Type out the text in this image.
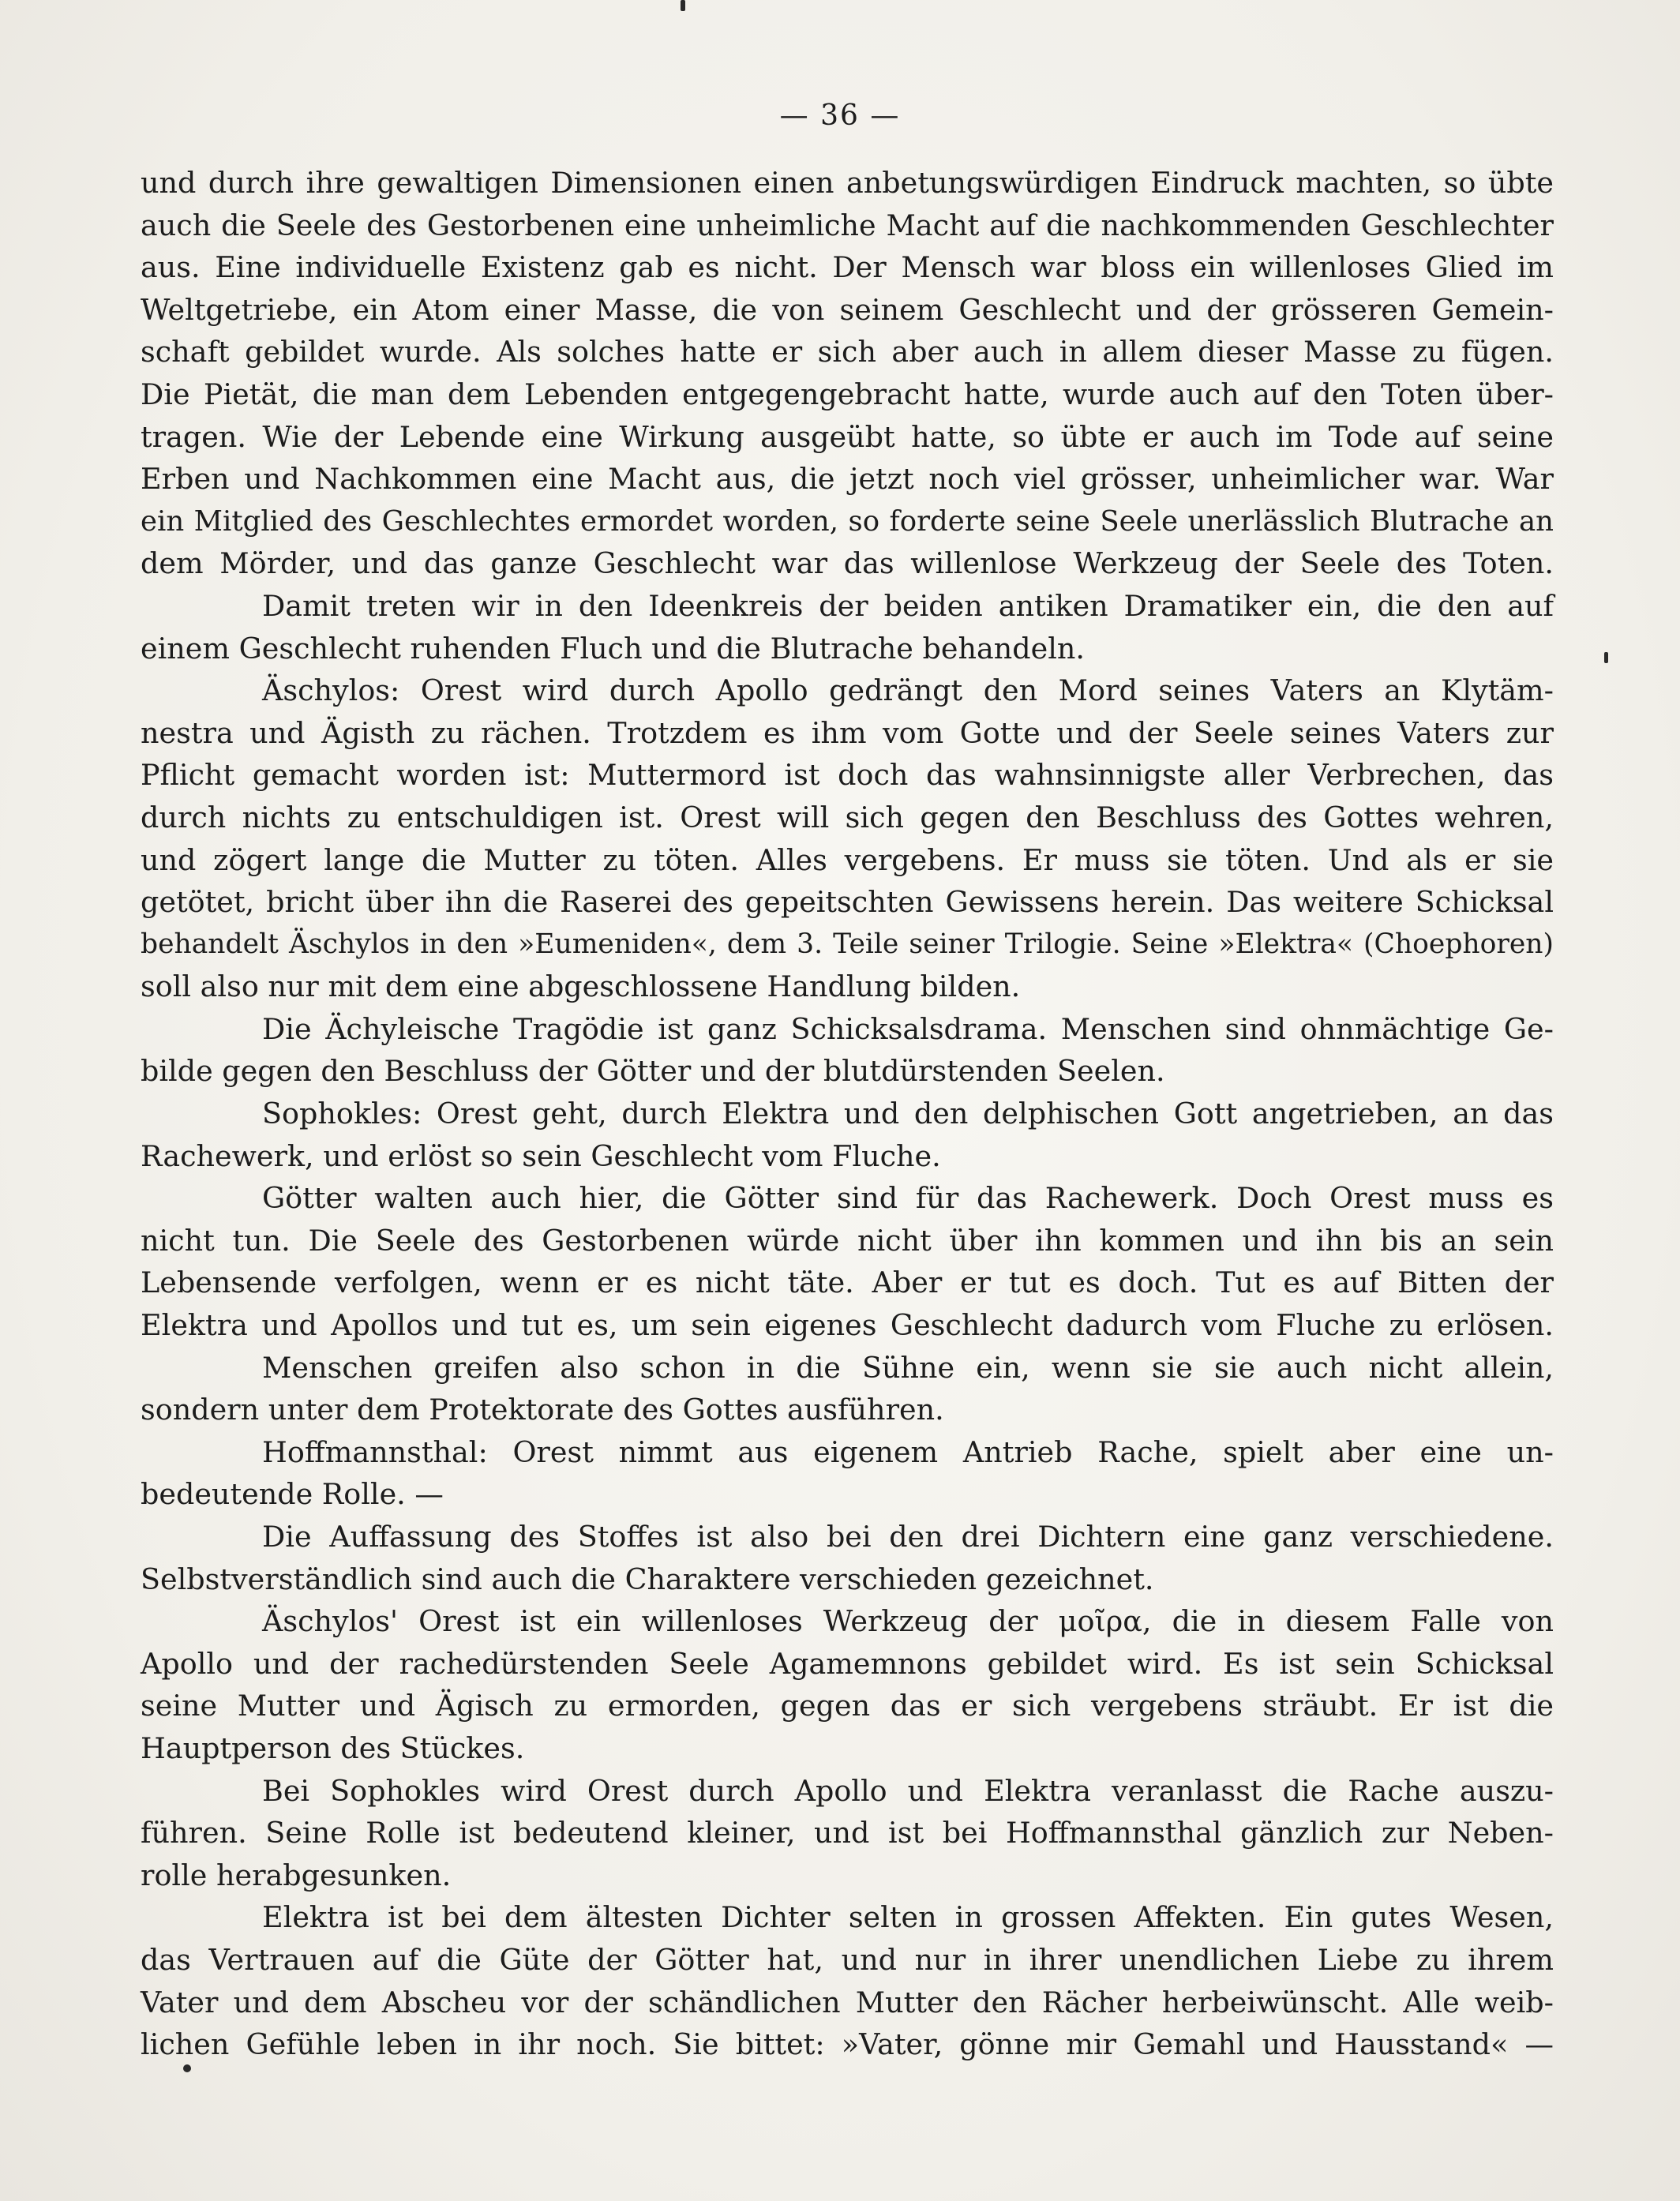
— 36 —
und durch ihre gewaltigen Dimensionen einen anbetungswürdigen Eindruck machten, so übte
auch die Seele des Gestorbenen eine unheimliche Macht auf die nachkommenden Geschlechter
aus. Eine individuelle Existenz gab es nicht. Der Mensch war bloss ein willenloses Glied im
Weltgetriebe, ein Atom einer Masse, die von seinem Geschlecht und der grösseren Gemein-
schaft gebildet wurde. Als solches hatte er sich aber auch in allem dieser Masse zu fügen.
Die Pietät, die man dem Lebenden entgegengebracht hatte, wurde auch auf den Toten über-
tragen. Wie der Lebende eine Wirkung ausgeübt hatte, so übte er auch im Tode auf seine
Erben und Nachkommen eine Macht aus, die jetzt noch viel grösser, unheimlicher war. War
ein Mitglied des Geschlechtes ermordet worden, so forderte seine Seele unerlässlich Blutrache an
dem Mörder, und das ganze Geschlecht war das willenlose Werkzeug der Seele des Toten.
Damit treten wir in den Ideenkreis der beiden antiken Dramatiker ein, die den auf
einem Geschlecht ruhenden Fluch und die Blutrache behandeln.
Äschylos: Orest wird durch Apollo gedrängt den Mord seines Vaters an Klytäm-
nestra und Ägisth zu rächen. Trotzdem es ihm vom Gotte und der Seele seines Vaters zur
Pflicht gemacht worden ist: Muttermord ist doch das wahnsinnigste aller Verbrechen, das
durch nichts zu entschuldigen ist. Orest will sich gegen den Beschluss des Gottes wehren,
und zögert lange die Mutter zu töten. Alles vergebens. Er muss sie töten. Und als er sie
getötet, bricht über ihn die Raserei des gepeitschten Gewissens herein. Das weitere Schicksal
behandelt Äschylos in den »Eumeniden«, dem 3. Teile seiner Trilogie. Seine »Elektra« (Choephoren)
soll also nur mit dem eine abgeschlossene Handlung bilden.
Die Ächyleische Tragödie ist ganz Schicksalsdrama. Menschen sind ohnmächtige Ge-
bilde gegen den Beschluss der Götter und der blutdürstenden Seelen.
Sophokles: Orest geht, durch Elektra und den delphischen Gott angetrieben, an das
Rachewerk, und erlöst so sein Geschlecht vom Fluche.
Götter walten auch hier, die Götter sind für das Rachewerk. Doch Orest muss es
nicht tun. Die Seele des Gestorbenen würde nicht über ihn kommen und ihn bis an sein
Lebensende verfolgen, wenn er es nicht täte. Aber er tut es doch. Tut es auf Bitten der
Elektra und Apollos und tut es, um sein eigenes Geschlecht dadurch vom Fluche zu erlösen.
Menschen greifen also schon in die Sühne ein, wenn sie sie auch nicht allein,
sondern unter dem Protektorate des Gottes ausführen.
Hoffmannsthal: Orest nimmt aus eigenem Antrieb Rache, spielt aber eine un-
bedeutende Rolle. —
Die Auffassung des Stoffes ist also bei den drei Dichtern eine ganz verschiedene.
Selbstverständlich sind auch die Charaktere verschieden gezeichnet.
Äschylos' Orest ist ein willenloses Werkzeug der μοῖρα, die in diesem Falle von
Apollo und der rachedürstenden Seele Agamemnons gebildet wird. Es ist sein Schicksal
seine Mutter und Ägisch zu ermorden, gegen das er sich vergebens sträubt. Er ist die
Hauptperson des Stückes.
Bei Sophokles wird Orest durch Apollo und Elektra veranlasst die Rache auszu-
führen. Seine Rolle ist bedeutend kleiner, und ist bei Hoffmannsthal gänzlich zur Neben-
rolle herabgesunken.
Elektra ist bei dem ältesten Dichter selten in grossen Affekten. Ein gutes Wesen,
das Vertrauen auf die Güte der Götter hat, und nur in ihrer unendlichen Liebe zu ihrem
Vater und dem Abscheu vor der schändlichen Mutter den Rächer herbeiwünscht. Alle weib-
lichen Gefühle leben in ihr noch. Sie bittet: »Vater, gönne mir Gemahl und Hausstand« —
